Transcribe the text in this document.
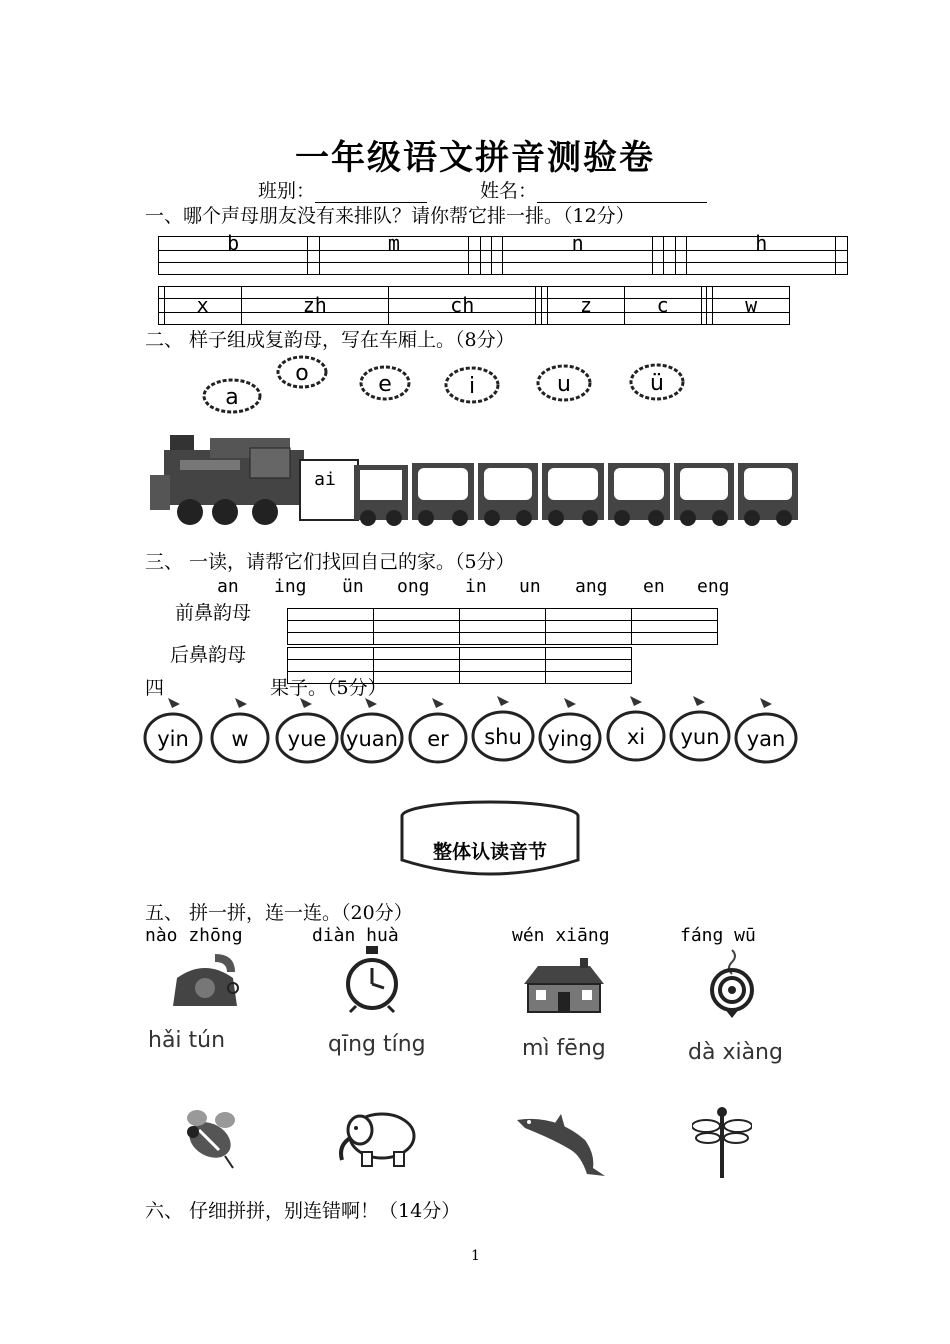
一年级语文拼音测验卷
班别：	姓名：
一、哪个声母朋友没有来排队？请你帮它排一排。（12分）
b		m				n				h	

	x	zh	ch			z	c			w

二、 样子组成复韵母，写在车厢上。（8分）
a
o	e	i	u	ü
ai
三、 一读，请帮它们找回自己的家。（5分）
an ing ün ong in un ang en eng
前鼻韵母
后鼻韵母

四	果子。（5分）
yin w yue yuan er shu ying xi yun yan
整体认读音节
五、 拼一拼，连一连。（20分）
nào zhōng	diàn huà	wén xiāng	fáng wū
hǎi tún	qīng tíng	mì fēng	dà xiàng
六、 仔细拼拼，别连错啊！（14分）
1
